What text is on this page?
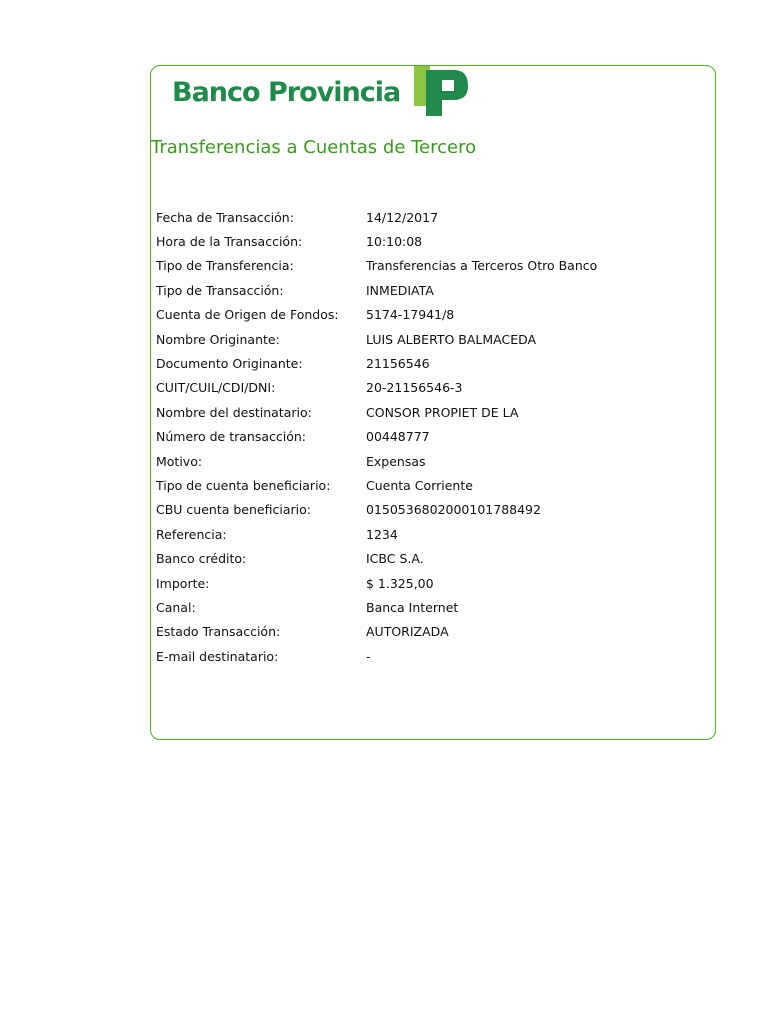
Banco Provincia
Transferencias a Cuentas de Tercero
Fecha de Transacción:	14/12/2017
Hora de la Transacción:	10:10:08
Tipo de Transferencia:	Transferencias a Terceros Otro Banco
Tipo de Transacción:	INMEDIATA
Cuenta de Origen de Fondos:	5174-17941/8
Nombre Originante:	LUIS ALBERTO BALMACEDA
Documento Originante:	21156546
CUIT/CUIL/CDI/DNI:	20-21156546-3
Nombre del destinatario:	CONSOR PROPIET DE LA
Número de transacción:	00448777
Motivo:	Expensas
Tipo de cuenta beneficiario:	Cuenta Corriente
CBU cuenta beneficiario:	0150536802000101788492
Referencia:	1234
Banco crédito:	ICBC S.A.
Importe:	$ 1.325,00
Canal:	Banca Internet
Estado Transacción:	AUTORIZADA
E-mail destinatario:	-
